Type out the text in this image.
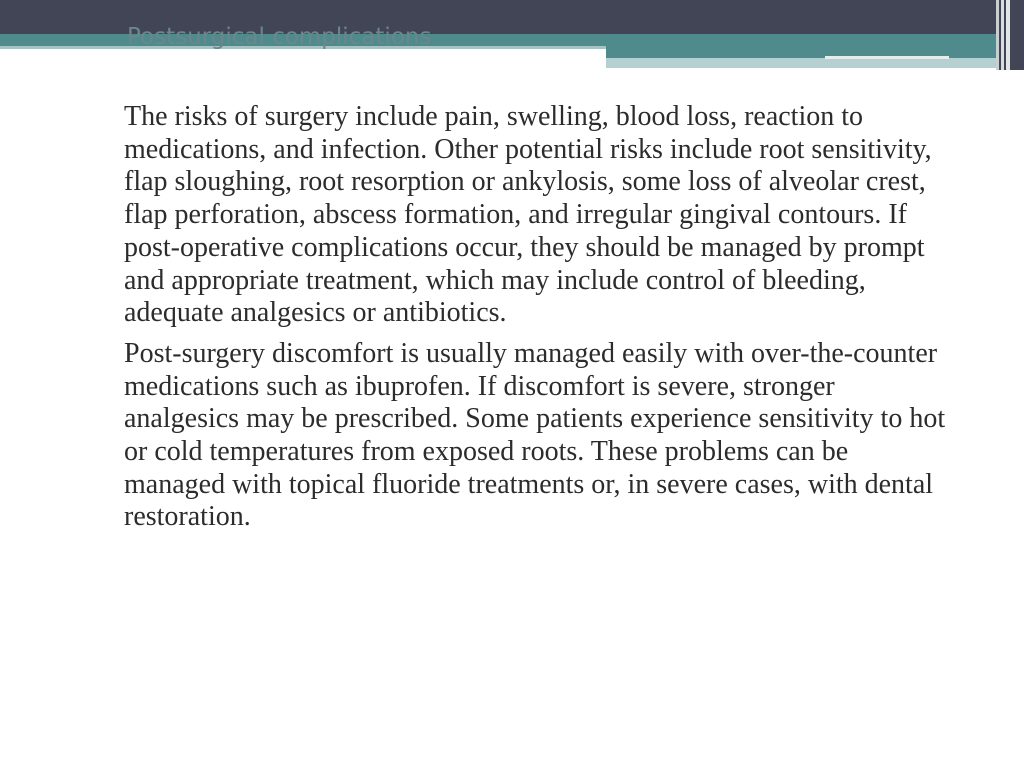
Postsurgical complications

The risks of surgery include pain, swelling, blood loss, reaction to medications, and infection. Other potential risks include root sensitivity, flap sloughing, root resorption or ankylosis, some loss of alveolar crest, flap perforation, abscess formation, and irregular gingival contours. If post-operative complications occur, they should be managed by prompt and appropriate treatment, which may include control of bleeding, adequate analgesics or antibiotics.

Post-surgery discomfort is usually managed easily with over-the-counter medications such as ibuprofen. If discomfort is severe, stronger analgesics may be prescribed. Some patients experience sensitivity to hot or cold temperatures from exposed roots. These problems can be managed with topical fluoride treatments or, in severe cases, with dental restoration.
